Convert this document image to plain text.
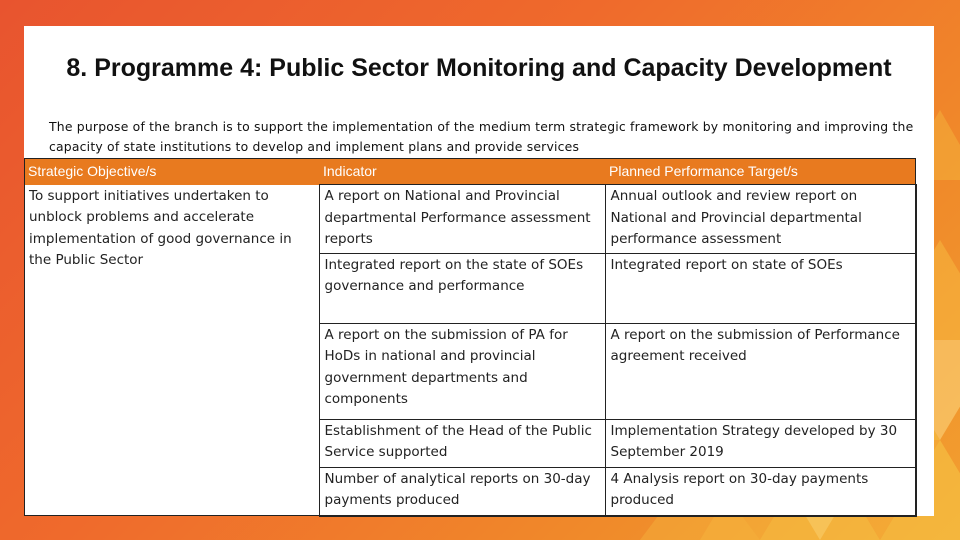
8. Programme 4: Public Sector Monitoring and Capacity Development

The purpose of the branch is to support the implementation of the medium term strategic framework by monitoring and improving the capacity of state institutions to develop and implement plans and provide services

Strategic Objective/s	Indicator	Planned Performance Target/s
To support initiatives undertaken to unblock problems and accelerate implementation of good governance in the Public Sector	A report on National and Provincial departmental Performance assessment reports	Annual outlook and review report on National and Provincial departmental performance assessment
	Integrated report on the state of SOEs governance and performance	Integrated report on state of SOEs
	A report on the submission of PA for HoDs in national and provincial government departments and components	A report on the submission of Performance agreement received
	Establishment of the Head of the Public Service supported	Implementation Strategy developed by 30 September 2019
	Number of analytical reports on 30-day payments produced	4 Analysis report on 30-day payments produced
